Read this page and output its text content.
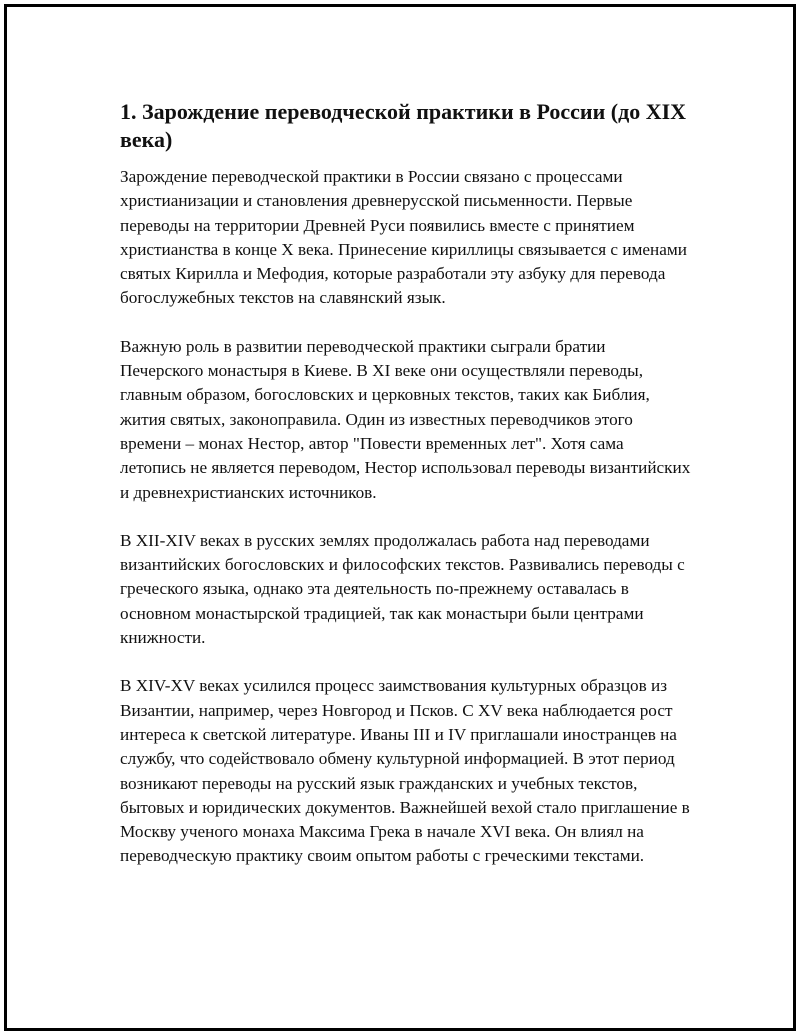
1. Зарождение переводческой практики в России (до XIX века)

Зарождение переводческой практики в России связано с процессами христианизации и становления древнерусской письменности. Первые переводы на территории Древней Руси появились вместе с принятием христианства в конце X века. Принесение кириллицы связывается с именами святых Кирилла и Мефодия, которые разработали эту азбуку для перевода богослужебных текстов на славянский язык.

Важную роль в развитии переводческой практики сыграли братии Печерского монастыря в Киеве. В XI веке они осуществляли переводы, главным образом, богословских и церковных текстов, таких как Библия, жития святых, законоправила. Один из известных переводчиков этого времени – монах Нестор, автор "Повести временных лет". Хотя сама летопись не является переводом, Нестор использовал переводы византийских и древнехристианских источников.

В XII-XIV веках в русских землях продолжалась работа над переводами византийских богословских и философских текстов. Развивались переводы с греческого языка, однако эта деятельность по-прежнему оставалась в основном монастырской традицией, так как монастыри были центрами книжности.

В XIV-XV веках усилился процесс заимствования культурных образцов из Византии, например, через Новгород и Псков. С XV века наблюдается рост интереса к светской литературе. Иваны III и IV приглашали иностранцев на службу, что содействовало обмену культурной информацией. В этот период возникают переводы на русский язык гражданских и учебных текстов, бытовых и юридических документов. Важнейшей вехой стало приглашение в Москву ученого монаха Максима Грека в начале XVI века. Он влиял на переводческую практику своим опытом работы с греческими текстами.
